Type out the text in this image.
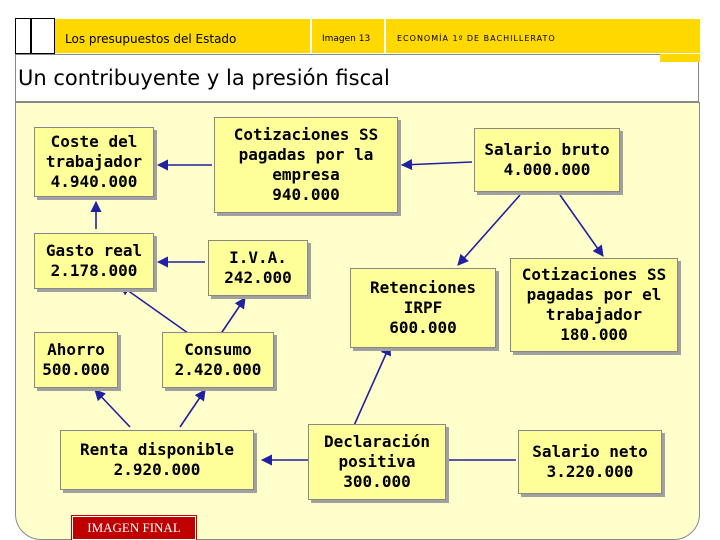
Los presupuestos del Estado	Imagen 13	ECONOMÍA 1º DE BACHILLERATO
Un contribuyente y la presión fiscal
Coste del
trabajador
4.940.000
Cotizaciones SS
pagadas por la
empresa
940.000
Salario bruto
4.000.000
Gasto real
2.178.000
I.V.A.
242.000
Retenciones
IRPF
600.000
Cotizaciones SS
pagadas por el
trabajador
180.000
Ahorro
500.000
Consumo
2.420.000
Renta disponible
2.920.000
Declaración
positiva
300.000
Salario neto
3.220.000
IMAGEN FINAL
